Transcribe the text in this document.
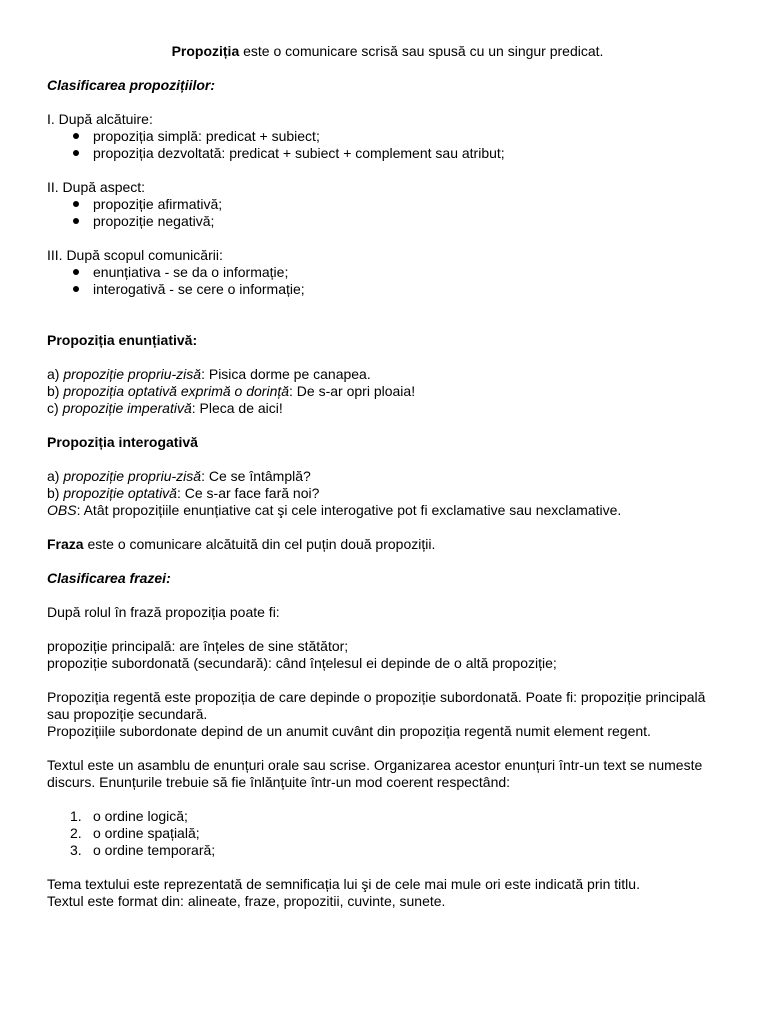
Propoziția este o comunicare scrisă sau spusă cu un singur predicat.

Clasificarea propozițiilor:

I. După alcătuire:

propoziția simplă: predicat + subiect;
propoziția dezvoltată: predicat + subiect + complement sau atribut;

II. După aspect:

propoziție afirmativă;
propoziție negativă;

III. După scopul comunicării:

enunțiativa - se da o informație;
interogativă - se cere o informație;

Propoziția enunțiativă:

a) propoziție propriu-zisă: Pisica dorme pe canapea.

b) propoziția optativă exprimă o dorință: De s-ar opri ploaia!

c) propoziție imperativă: Pleca de aici!

Propoziția interogativă

a) propoziție propriu-zisă: Ce se întâmplă?

b) propoziție optativă: Ce s-ar face fară noi?

OBS: Atât propozițiile enunțiative cat şi cele interogative pot fi exclamative sau nexclamative.

Fraza este o comunicare alcătuită din cel puțin două propoziții.

Clasificarea frazei:

După rolul în frază propoziția poate fi:

propoziție principală: are înțeles de sine stătător;

propoziție subordonată (secundară): când înțelesul ei depinde de o altă propoziție;

Propoziția regentă este propoziția de care depinde o propoziție subordonată. Poate fi: propoziție principală sau propoziție secundară.

Propozițiile subordonate depind de un anumit cuvânt din propoziția regentă numit element regent.

Textul este un asamblu de enunțuri orale sau scrise. Organizarea acestor enunțuri într-un text se numeste discurs. Enunțurile trebuie să fie înlănțuite într-un mod coerent respectând:

1. o ordine logică;
2. o ordine spațială;
3. o ordine temporară;

Tema textului este reprezentată de semnificația lui şi de cele mai mule ori este indicată prin titlu.

Textul este format din: alineate, fraze, propozitii, cuvinte, sunete.
